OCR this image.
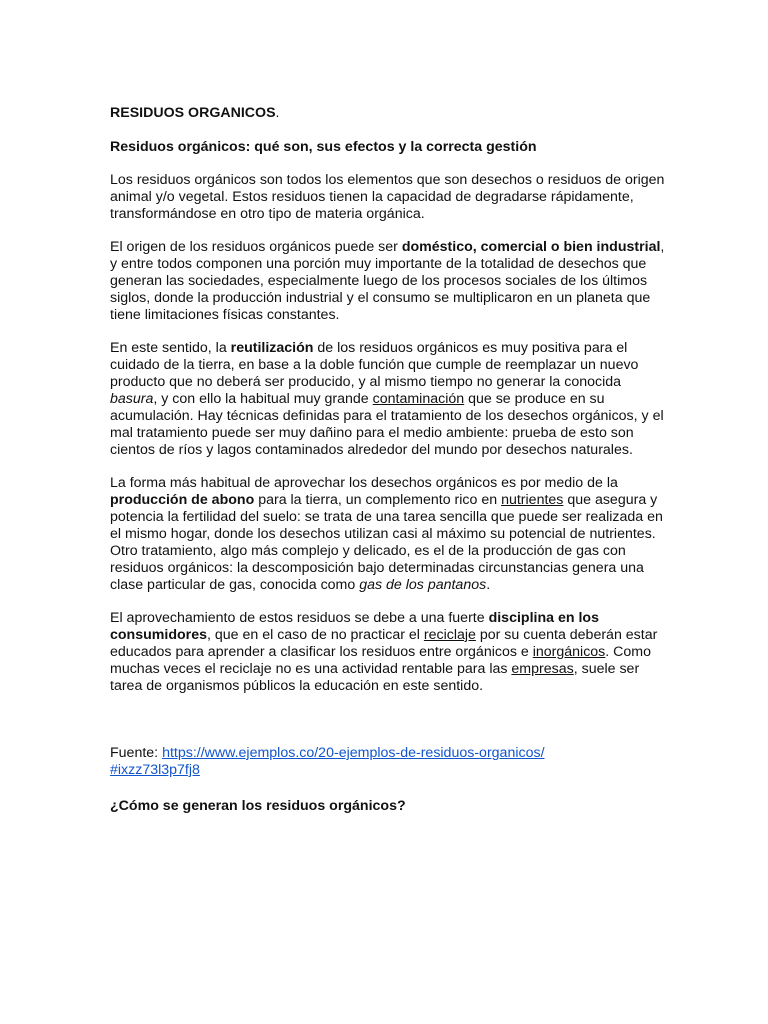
RESIDUOS ORGANICOS.
Residuos orgánicos: qué son, sus efectos y la correcta gestión

Los residuos orgánicos son todos los elementos que son desechos o residuos de origen animal y/o vegetal. Estos residuos tienen la capacidad de degradarse rápidamente, transformándose en otro tipo de materia orgánica.

El origen de los residuos orgánicos puede ser doméstico, comercial o bien industrial, y entre todos componen una porción muy importante de la totalidad de desechos que generan las sociedades, especialmente luego de los procesos sociales de los últimos siglos, donde la producción industrial y el consumo se multiplicaron en un planeta que tiene limitaciones físicas constantes.

En este sentido, la reutilización de los residuos orgánicos es muy positiva para el cuidado de la tierra, en base a la doble función que cumple de reemplazar un nuevo producto que no deberá ser producido, y al mismo tiempo no generar la conocida basura, y con ello la habitual muy grande contaminación que se produce en su acumulación. Hay técnicas definidas para el tratamiento de los desechos orgánicos, y el mal tratamiento puede ser muy dañino para el medio ambiente: prueba de esto son cientos de ríos y lagos contaminados alrededor del mundo por desechos naturales.

La forma más habitual de aprovechar los desechos orgánicos es por medio de la producción de abono para la tierra, un complemento rico en nutrientes que asegura y potencia la fertilidad del suelo: se trata de una tarea sencilla que puede ser realizada en el mismo hogar, donde los desechos utilizan casi al máximo su potencial de nutrientes. Otro tratamiento, algo más complejo y delicado, es el de la producción de gas con residuos orgánicos: la descomposición bajo determinadas circunstancias genera una clase particular de gas, conocida como gas de los pantanos.

El aprovechamiento de estos residuos se debe a una fuerte disciplina en los consumidores, que en el caso de no practicar el reciclaje por su cuenta deberán estar educados para aprender a clasificar los residuos entre orgánicos e inorgánicos. Como muchas veces el reciclaje no es una actividad rentable para las empresas, suele ser tarea de organismos públicos la educación en este sentido.

Fuente: https://www.ejemplos.co/20-ejemplos-de-residuos-organicos/
#ixzz73l3p7fj8

¿Cómo se generan los residuos orgánicos?
